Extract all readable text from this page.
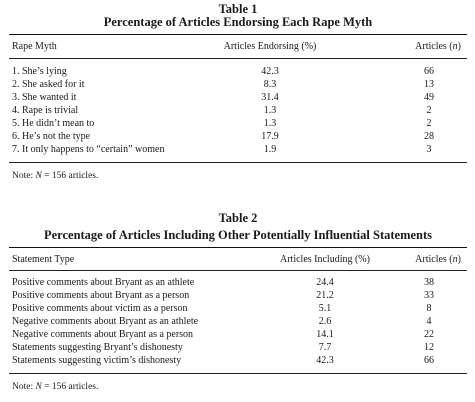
Table 1
Percentage of Articles Endorsing Each Rape Myth
Rape Myth	Articles Endorsing (%)	Articles (n)
1. She’s lying	42.3	66
2. She asked for it	8.3	13
3. She wanted it	31.4	49
4. Rape is trivial	1.3	2
5. He didn’t mean to	1.3	2
6. He’s not the type	17.9	28
7. It only happens to “certain” women	1.9	3
Note: N = 156 articles.
Table 2
Percentage of Articles Including Other Potentially Influential Statements
Statement Type	Articles Including (%)	Articles (n)
Positive comments about Bryant as an athlete	24.4	38
Positive comments about Bryant as a person	21.2	33
Positive comments about victim as a person	5.1	8
Negative comments about Bryant as an athlete	2.6	4
Negative comments about Bryant as a person	14.1	22
Statements suggesting Bryant’s dishonesty	7.7	12
Statements suggesting victim’s dishonesty	42.3	66
Note: N = 156 articles.
